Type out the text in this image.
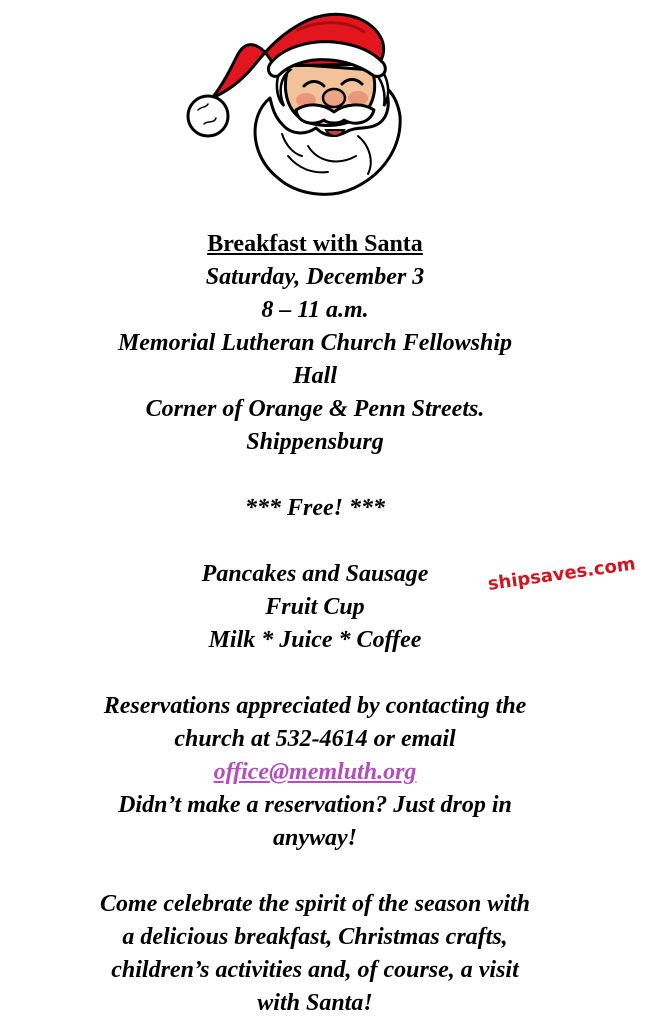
Breakfast with Santa
Saturday, December 3
8 – 11 a.m.
Memorial Lutheran Church Fellowship
Hall
Corner of Orange & Penn Streets.
Shippensburg
*** Free! ***
Pancakes and Sausage
Fruit Cup
Milk * Juice * Coffee
Reservations appreciated by contacting the
church at 532-4614 or email
office@memluth.org
Didn’t make a reservation? Just drop in
anyway!
Come celebrate the spirit of the season with
a delicious breakfast, Christmas crafts,
children’s activities and, of course, a visit
with Santa!
shipsaves.com
